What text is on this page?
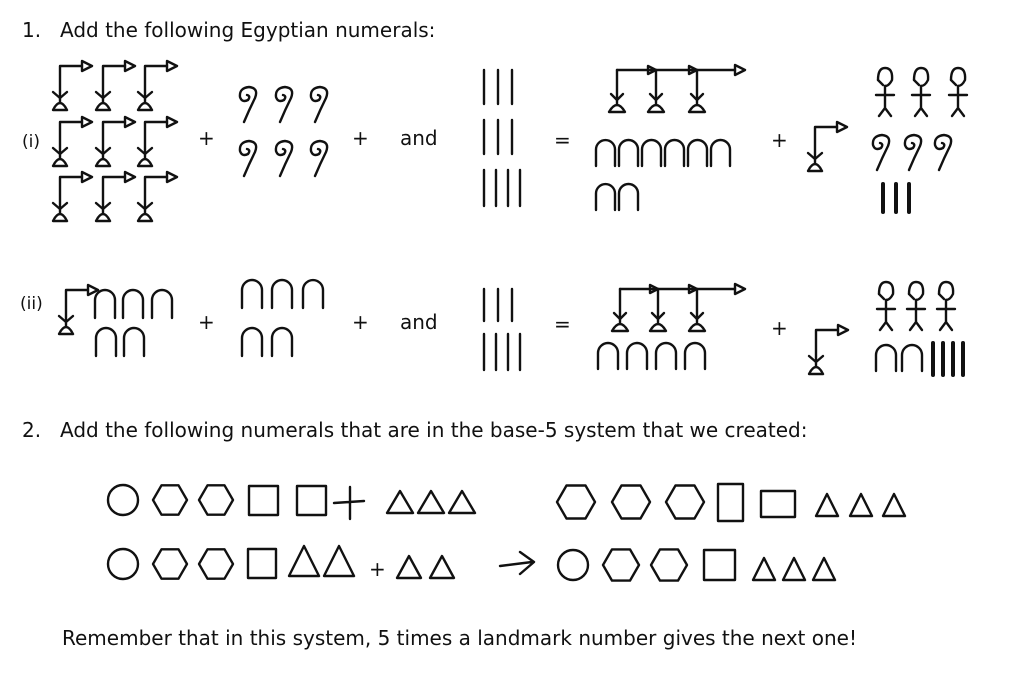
1. Add the following Egyptian numerals:
(i)	+	+ and	=	+
(ii)
+	+ and	=	+
2. Add the following numerals that are in the base-5 system that we created:
+
Remember that in this system, 5 times a landmark number gives the next one!
